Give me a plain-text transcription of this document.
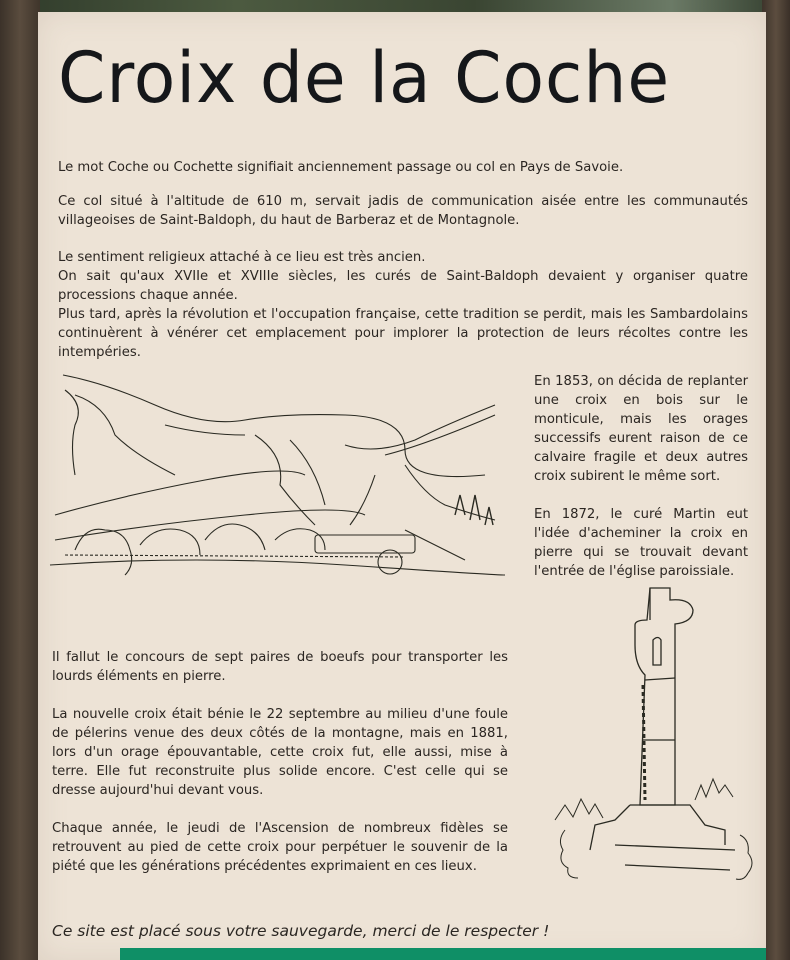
Croix de la Coche

Le mot Coche ou Cochette signifiait anciennement passage ou col en Pays de Savoie.

Ce col situé à l'altitude de 610 m, servait jadis de communication aisée entre les communautés villageoises de Saint-Baldoph, du haut de Barberaz et de Montagnole.

Le sentiment religieux attaché à ce lieu est très ancien.

On sait qu'aux XVIIe et XVIIIe siècles, les curés de Saint-Baldoph devaient y organiser quatre processions chaque année.

Plus tard, après la révolution et l'occupation française, cette tradition se perdit, mais les Sambardolains continuèrent à vénérer cet emplacement pour implorer la protection de leurs récoltes contre les intempéries.

En 1853, on décida de replanter une croix en bois sur le monticule, mais les orages successifs eurent raison de ce calvaire fragile et deux autres croix subirent le même sort.

En 1872, le curé Martin eut l'idée d'acheminer la croix en pierre qui se trouvait devant l'entrée de l'église paroissiale.

Il fallut le concours de sept paires de boeufs pour transporter les lourds éléments en pierre.

La nouvelle croix était bénie le 22 septembre au milieu d'une foule de pélerins venue des deux côtés de la montagne, mais en 1881, lors d'un orage épouvantable, cette croix fut, elle aussi, mise à terre. Elle fut reconstruite plus solide encore. C'est celle qui se dresse aujourd'hui devant vous.

Chaque année, le jeudi de l'Ascension de nombreux fidèles se retrouvent au pied de cette croix pour perpétuer le souvenir de la piété que les générations précédentes exprimaient en ces lieux.

Ce site est placé sous votre sauvegarde, merci de le respecter !
